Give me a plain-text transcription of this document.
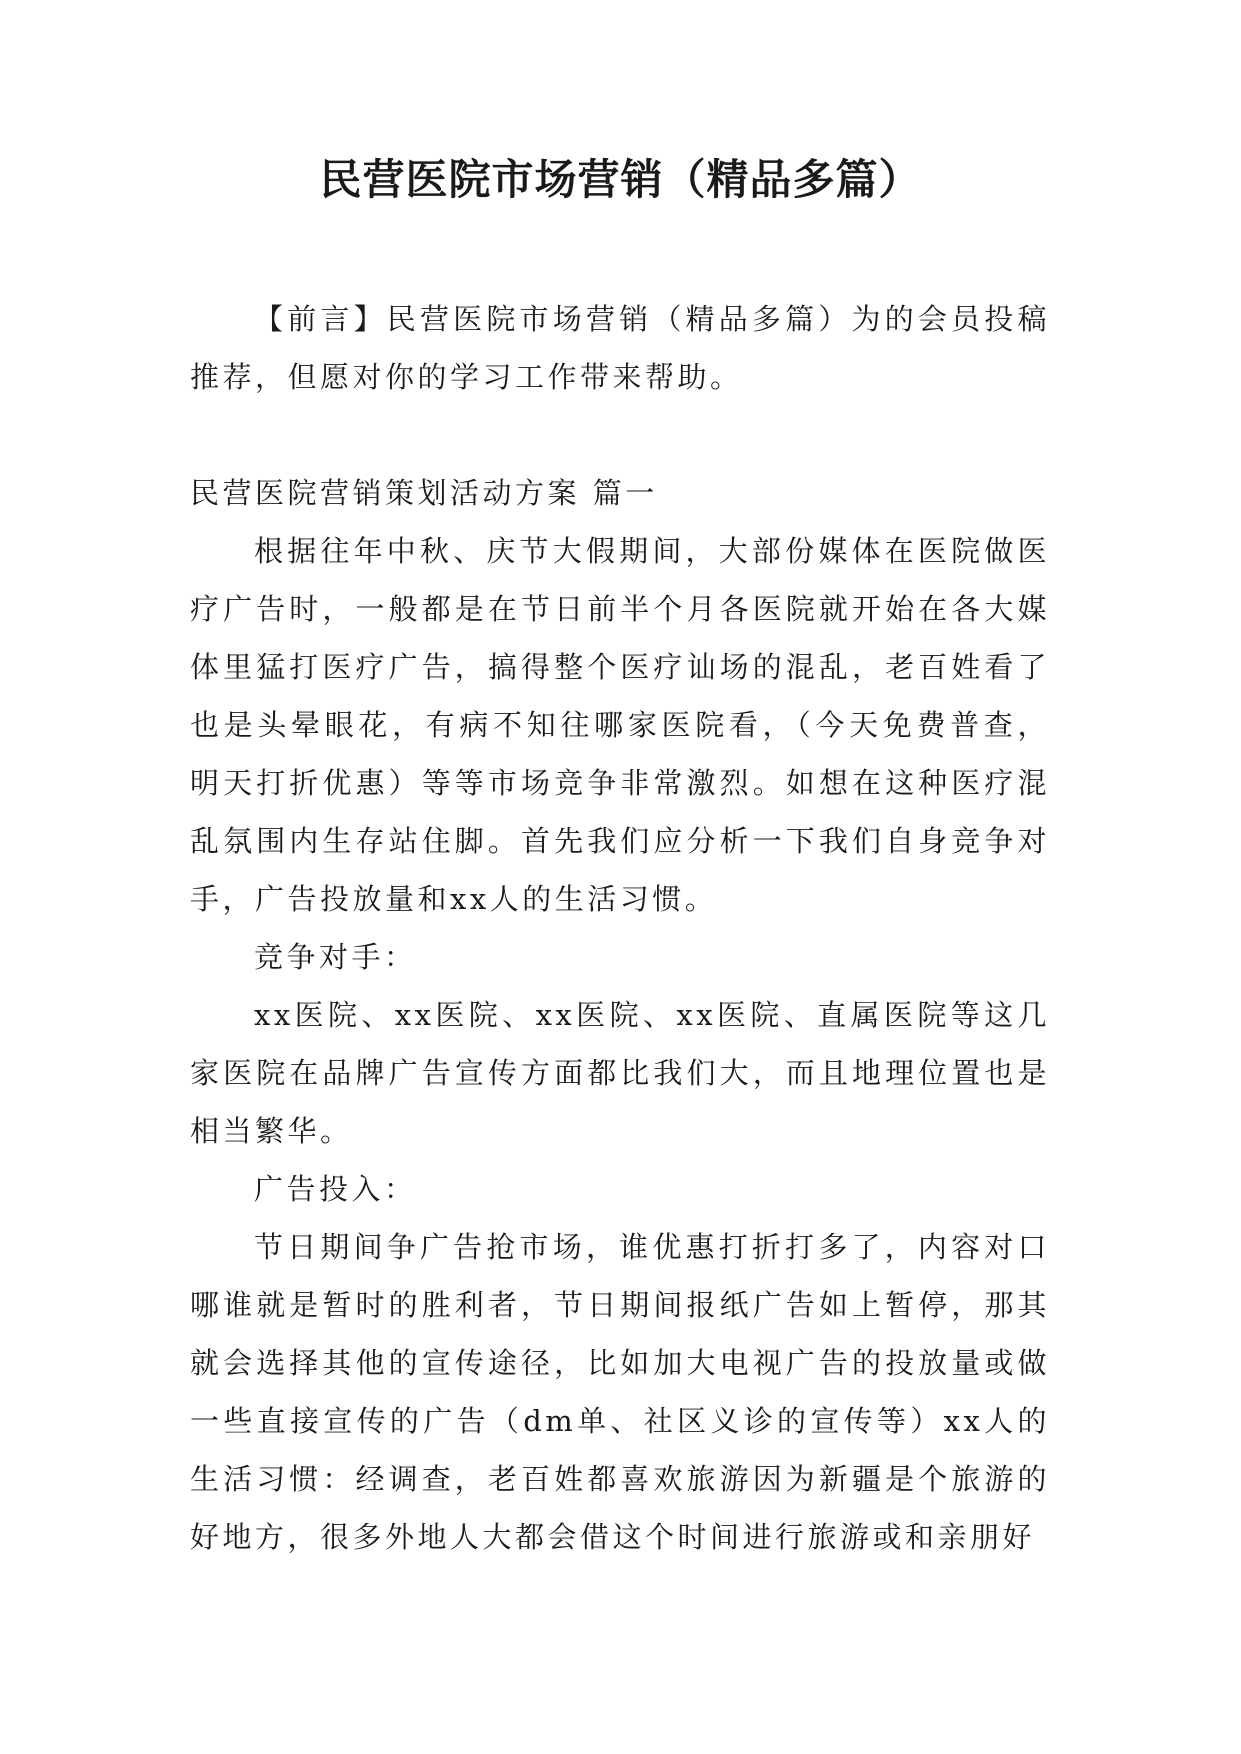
民营医院市场营销（精品多篇）

【前言】民营医院市场营销（精品多篇）为的会员投稿推荐，但愿对你的学习工作带来帮助。

民营医院营销策划活动方案 篇一

根据往年中秋、庆节大假期间，大部份媒体在医院做医疗广告时，一般都是在节日前半个月各医院就开始在各大媒体里猛打医疗广告，搞得整个医疗讪场的混乱，老百姓看了也是头晕眼花，有病不知往哪家医院看，（今天免费普查，明天打折优惠）等等市场竞争非常激烈。如想在这种医疗混乱氛围内生存站住脚。首先我们应分析一下我们自身竞争对手，广告投放量和xx人的生活习惯。

竞争对手：

xx医院、xx医院、xx医院、xx医院、直属医院等这几家医院在品牌广告宣传方面都比我们大，而且地理位置也是相当繁华。

广告投入：

节日期间争广告抢市场，谁优惠打折打多了，内容对口哪谁就是暂时的胜利者，节日期间报纸广告如上暂停，那其就会选择其他的宣传途径，比如加大电视广告的投放量或做一些直接宣传的广告（dm单、社区义诊的宣传等）xx人的生活习惯：经调查，老百姓都喜欢旅游因为新疆是个旅游的好地方，很多外地人大都会借这个时间进行旅游或和亲朋好
